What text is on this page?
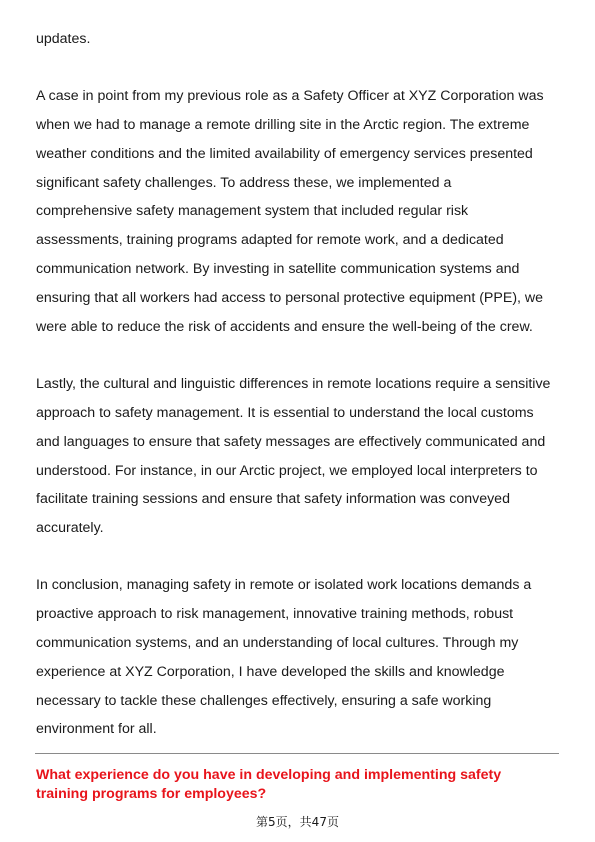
updates.
A case in point from my previous role as a Safety Officer at XYZ Corporation was
when we had to manage a remote drilling site in the Arctic region. The extreme
weather conditions and the limited availability of emergency services presented
significant safety challenges. To address these, we implemented a
comprehensive safety management system that included regular risk
assessments, training programs adapted for remote work, and a dedicated
communication network. By investing in satellite communication systems and
ensuring that all workers had access to personal protective equipment (PPE), we
were able to reduce the risk of accidents and ensure the well-being of the crew.
Lastly, the cultural and linguistic differences in remote locations require a sensitive
approach to safety management. It is essential to understand the local customs
and languages to ensure that safety messages are effectively communicated and
understood. For instance, in our Arctic project, we employed local interpreters to
facilitate training sessions and ensure that safety information was conveyed
accurately.
In conclusion, managing safety in remote or isolated work locations demands a
proactive approach to risk management, innovative training methods, robust
communication systems, and an understanding of local cultures. Through my
experience at XYZ Corporation, I have developed the skills and knowledge
necessary to tackle these challenges effectively, ensuring a safe working
environment for all.
What experience do you have in developing and implementing safety
training programs for employees?
第5页，共47页
